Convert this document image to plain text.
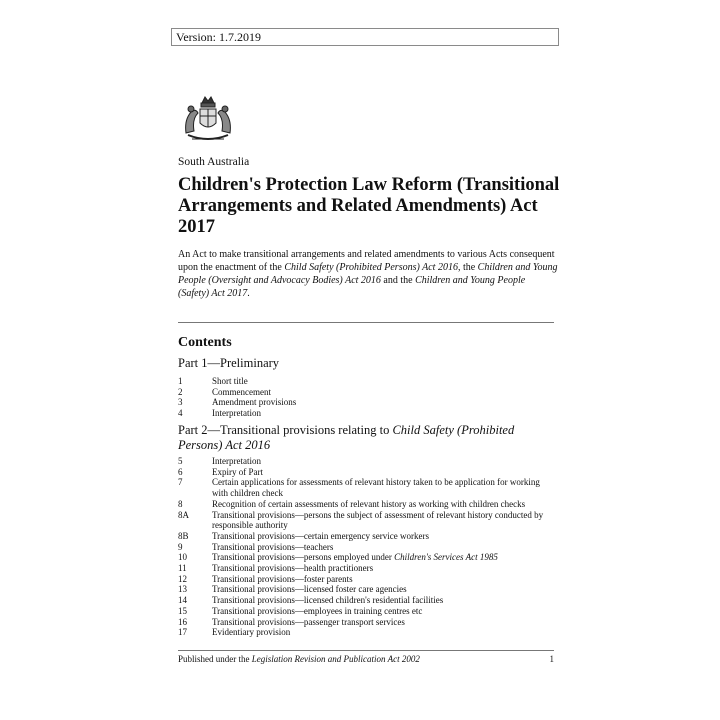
Version: 1.7.2019
South Australia
Children's Protection Law Reform (Transitional Arrangements and Related Amendments) Act 2017
An Act to make transitional arrangements and related amendments to various Acts consequent upon the enactment of the Child Safety (Prohibited Persons) Act 2016, the Children and Young People (Oversight and Advocacy Bodies) Act 2016 and the Children and Young People (Safety) Act 2017.
Contents
Part 1—Preliminary
1	Short title
2	Commencement
3	Amendment provisions
4	Interpretation
Part 2—Transitional provisions relating to Child Safety (Prohibited Persons) Act 2016
5	Interpretation
6	Expiry of Part
7	Certain applications for assessments of relevant history taken to be application for working with children check
8	Recognition of certain assessments of relevant history as working with children checks
8A	Transitional provisions—persons the subject of assessment of relevant history conducted by responsible authority
8B	Transitional provisions—certain emergency service workers
9	Transitional provisions—teachers
10	Transitional provisions—persons employed under Children's Services Act 1985
11	Transitional provisions—health practitioners
12	Transitional provisions—foster parents
13	Transitional provisions—licensed foster care agencies
14	Transitional provisions—licensed children's residential facilities
15	Transitional provisions—employees in training centres etc
16	Transitional provisions—passenger transport services
17	Evidentiary provision
Published under the Legislation Revision and Publication Act 2002	1
